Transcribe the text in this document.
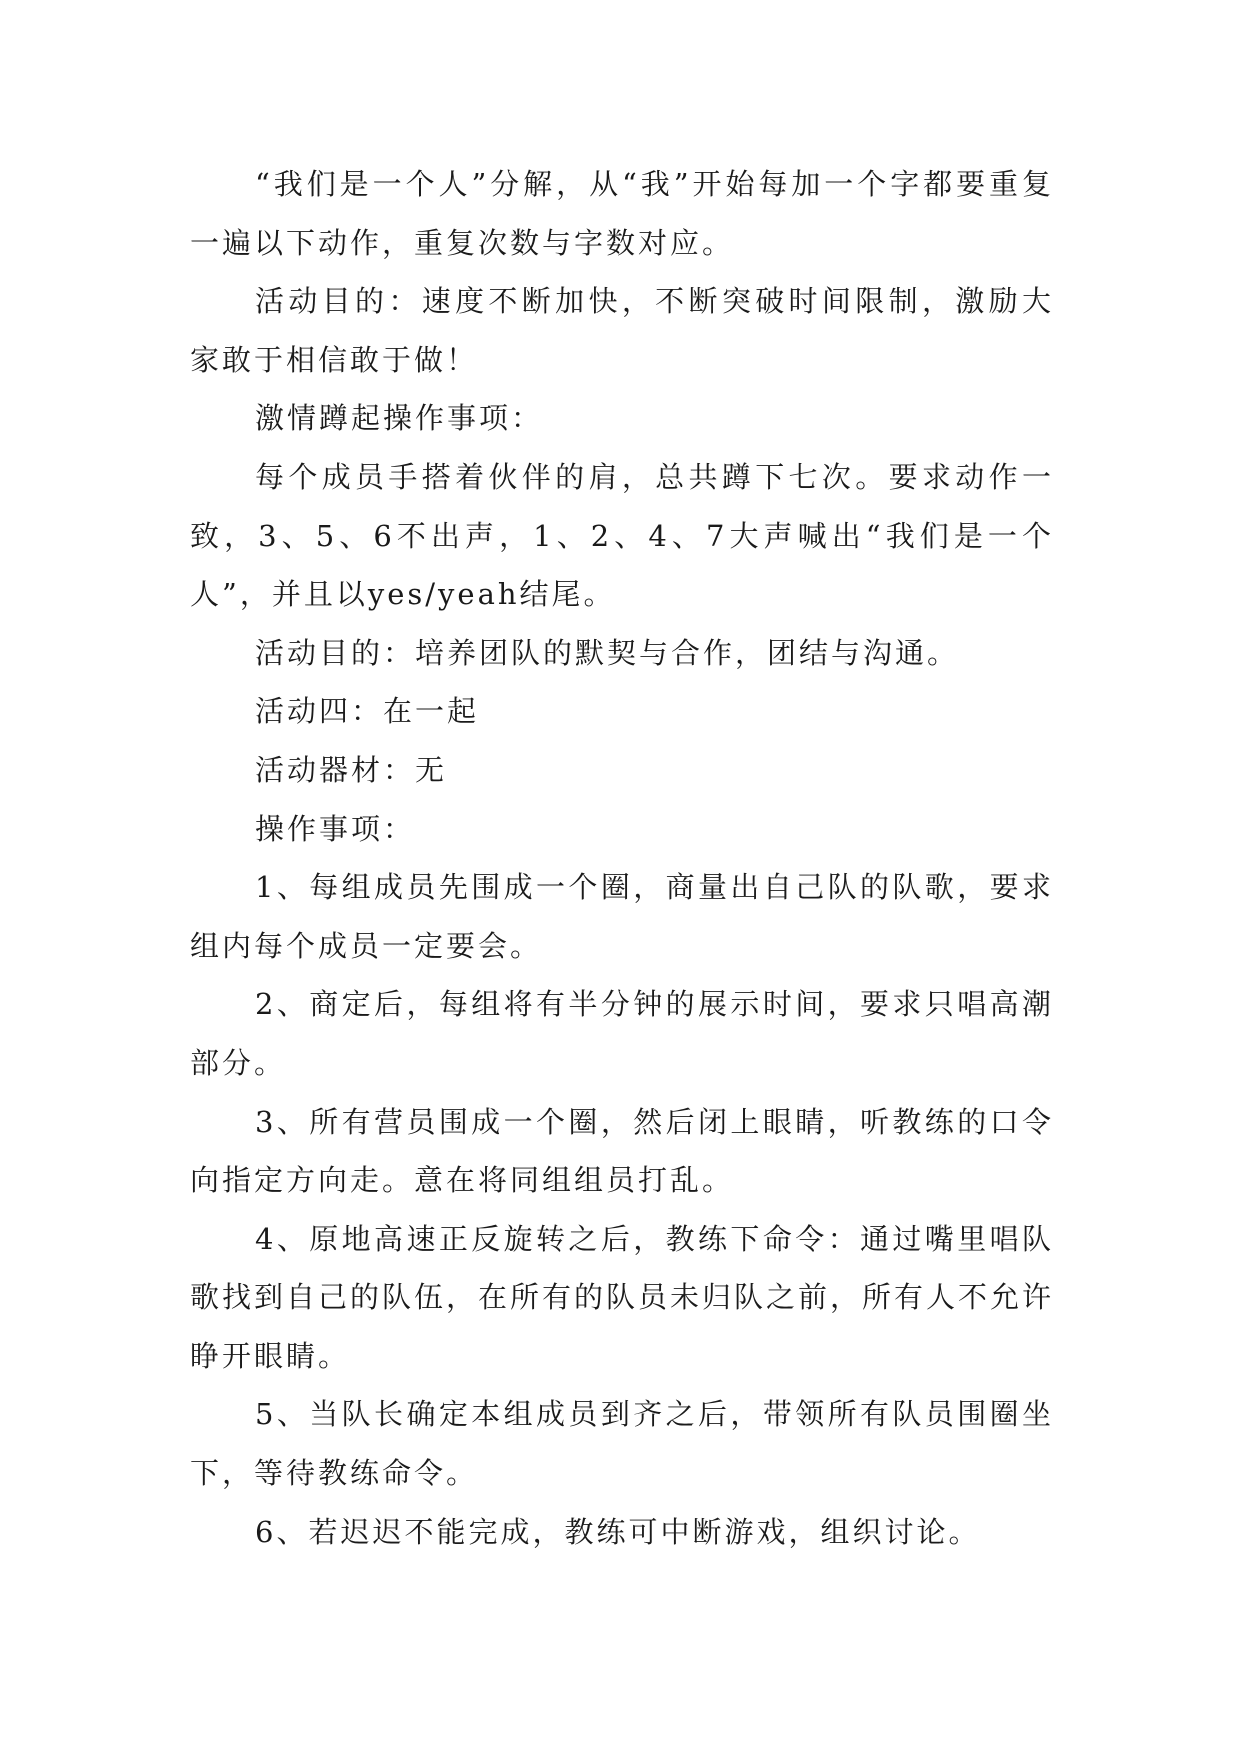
“我们是一个人”分解，从“我”开始每加一个字都要重复一遍以下动作，重复次数与字数对应。

活动目的：速度不断加快，不断突破时间限制，激励大家敢于相信敢于做！

激情蹲起操作事项：

每个成员手搭着伙伴的肩，总共蹲下七次。要求动作一致，3、5、6不出声，1、2、4、7大声喊出“我们是一个人”，并且以yes/yeah结尾。

活动目的：培养团队的默契与合作，团结与沟通。

活动四：在一起

活动器材：无

操作事项：

1、每组成员先围成一个圈，商量出自己队的队歌，要求组内每个成员一定要会。

2、商定后，每组将有半分钟的展示时间，要求只唱高潮部分。

3、所有营员围成一个圈，然后闭上眼睛，听教练的口令向指定方向走。意在将同组组员打乱。

4、原地高速正反旋转之后，教练下命令：通过嘴里唱队歌找到自己的队伍，在所有的队员未归队之前，所有人不允许睁开眼睛。

5、当队长确定本组成员到齐之后，带领所有队员围圈坐下，等待教练命令。

6、若迟迟不能完成，教练可中断游戏，组织讨论。
